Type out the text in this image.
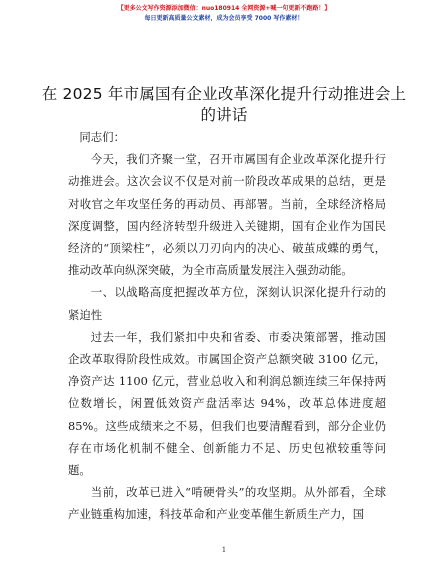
【更多公文写作资源添加微信：nuo180914 全网资源+喊一句更新不跑路！】
每日更新高质量公文素材，成为会员享受 7000 写作素材！
在 2025 年市属国有企业改革深化提升行动推进会上的讲话

同志们：

今天，我们齐聚一堂，召开市属国有企业改革深化提升行动推进会。这次会议不仅是对前一阶段改革成果的总结，更是对收官之年攻坚任务的再动员、再部署。当前，全球经济格局深度调整，国内经济转型升级进入关键期，国有企业作为国民经济的“顶梁柱”，必须以刀刃向内的决心、破茧成蝶的勇气，推动改革向纵深突破，为全市高质量发展注入强劲动能。

一、以战略高度把握改革方位，深刻认识深化提升行动的紧迫性

过去一年，我们紧扣中央和省委、市委决策部署，推动国企改革取得阶段性成效。市属国企资产总额突破 3100 亿元，净资产达 1100 亿元，营业总收入和利润总额连续三年保持两位数增长，闲置低效资产盘活率达 94%，改革总体进度超 85%。这些成绩来之不易，但我们也要清醒看到，部分企业仍存在市场化机制不健全、创新能力不足、历史包袱较重等问题。

当前，改革已进入“啃硬骨头”的攻坚期。从外部看，全球产业链重构加速，科技革命和产业变革催生新质生产力，国

1
